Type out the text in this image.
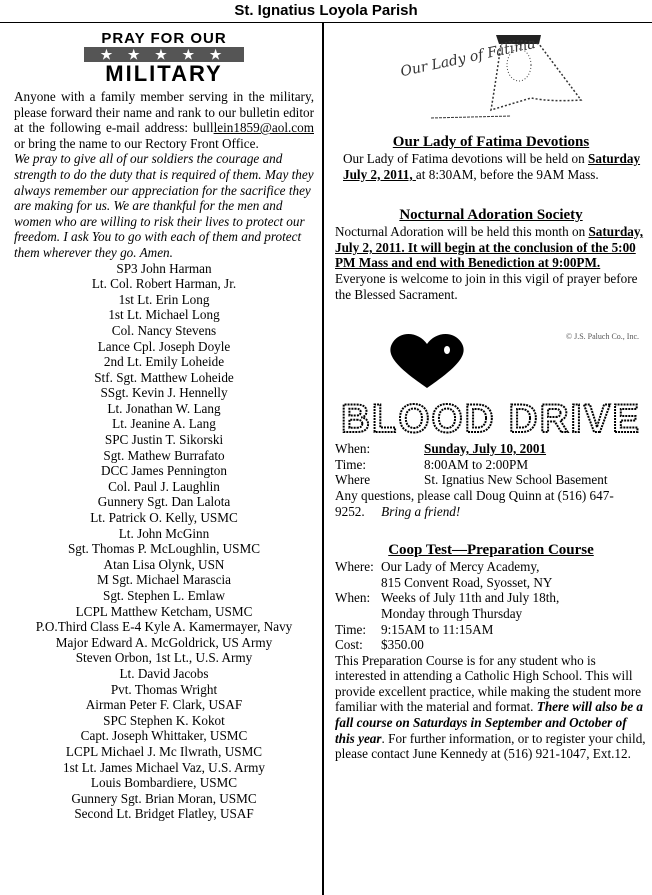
St. Ignatius Loyola Parish
PRAY FOR OUR
★ ★ ★ ★ ★
MILITARY

Anyone with a family member serving in the military, please forward their name and rank to our bulletin editor at the following e-mail address: bulllein1859@aol.com or bring the name to our Rectory Front Office.

We pray to give all of our soldiers the courage and strength to do the duty that is required of them. May they always remember our appreciation for the sacrifice they are making for us. We are thankful for the men and women who are willing to risk their lives to protect our freedom. I ask You to go with each of them and protect them wherever they go. Amen.

SP3 John Harman
Lt. Col. Robert Harman, Jr.
1st Lt. Erin Long
1st Lt. Michael Long
Col. Nancy Stevens
Lance Cpl. Joseph Doyle
2nd Lt. Emily Loheide
Stf. Sgt. Matthew Loheide
SSgt. Kevin J. Hennelly
Lt. Jonathan W. Lang
Lt. Jeanine A. Lang
SPC Justin T. Sikorski
Sgt. Mathew Burrafato
DCC James Pennington
Col. Paul J. Laughlin
Gunnery Sgt. Dan Lalota
Lt. Patrick O. Kelly, USMC
Lt. John McGinn
Sgt. Thomas P. McLoughlin, USMC
Atan Lisa Olynk, USN
M Sgt. Michael Marascia
Sgt. Stephen L. Emlaw
LCPL Matthew Ketcham, USMC
P.O.Third Class E-4 Kyle A. Kamermayer, Navy
Major Edward A. McGoldrick, US Army
Steven Orbon, 1st Lt., U.S. Army
Lt. David Jacobs
Pvt. Thomas Wright
Airman Peter F. Clark, USAF
SPC Stephen K. Kokot
Capt. Joseph Whittaker, USMC
LCPL Michael J. Mc Ilwrath, USMC
1st Lt. James Michael Vaz, U.S. Army
Louis Bombardiere, USMC
Gunnery Sgt. Brian Moran, USMC
Second Lt. Bridget Flatley, USAF
Our Lady of Fatima
Our Lady of Fatima Devotions

Our Lady of Fatima devotions will be held on Saturday July 2, 2011, at 8:30AM, before the 9AM Mass.

Nocturnal Adoration Society

Nocturnal Adoration will be held this month on Saturday, July 2, 2011. It will begin at the conclusion of the 5:00 PM Mass and end with Benediction at 9:00PM. Everyone is welcome to join in this vigil of prayer before the Blessed Sacrament.

© J.S. Paluch Co., Inc.
BLOOD DRIVE
When:	Sunday, July 10, 2001
Time:	8:00AM to 2:00PM
Where	St. Ignatius New School Basement

Any questions, please call Doug Quinn at (516) 647-9252. Bring a friend!

Coop Test—Preparation Course
Where: Our Lady of Mercy Academy,
815 Convent Road, Syosset, NY
When: Weeks of July 11th and July 18th,
Monday through Thursday
Time:	9:15AM to 11:15AM
Cost:	$350.00

This Preparation Course is for any student who is interested in attending a Catholic High School. This will provide excellent practice, while making the student more familiar with the material and format. There will also be a fall course on Saturdays in September and October of this year. For further information, or to register your child, please contact June Kennedy at (516) 921-1047, Ext.12.
